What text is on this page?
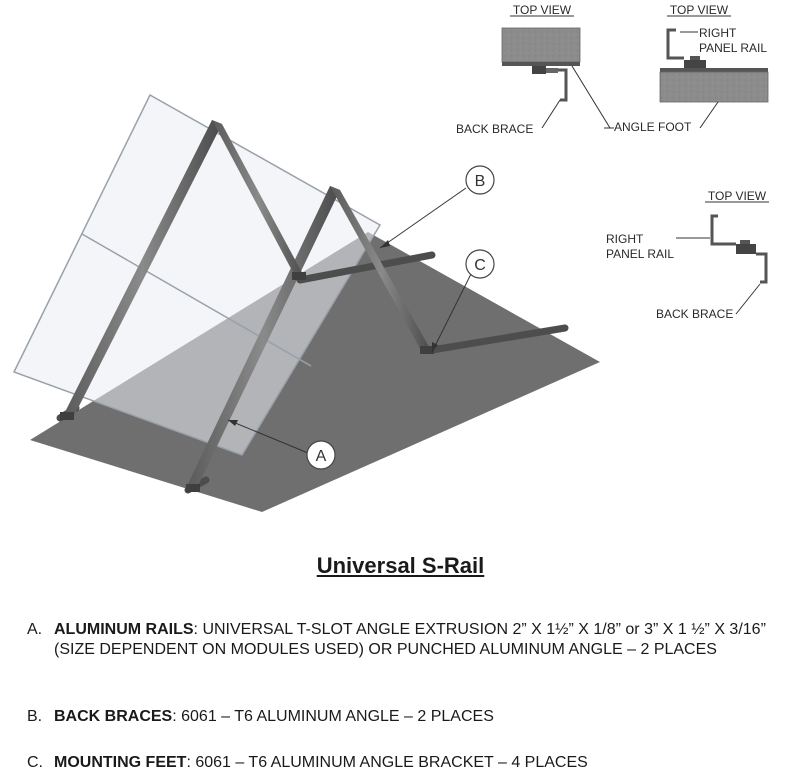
B
C
A
TOP VIEW
BACK BRACE	ANGLE FOOT
TOP VIEW
RIGHT
PANEL RAIL
TOP VIEW
RIGHT
PANEL RAIL
BACK BRACE
Universal S-Rail
A. ALUMINUM RAILS: UNIVERSAL T-SLOT ANGLE EXTRUSION 2” X 1½” X 1/8” or 3” X 1 ½” X 3/16” (SIZE DEPENDENT ON MODULES USED) OR PUNCHED ALUMINUM ANGLE – 2 PLACES
B. BACK BRACES: 6061 – T6 ALUMINUM ANGLE – 2 PLACES
C. MOUNTING FEET: 6061 – T6 ALUMINUM ANGLE BRACKET – 4 PLACES
